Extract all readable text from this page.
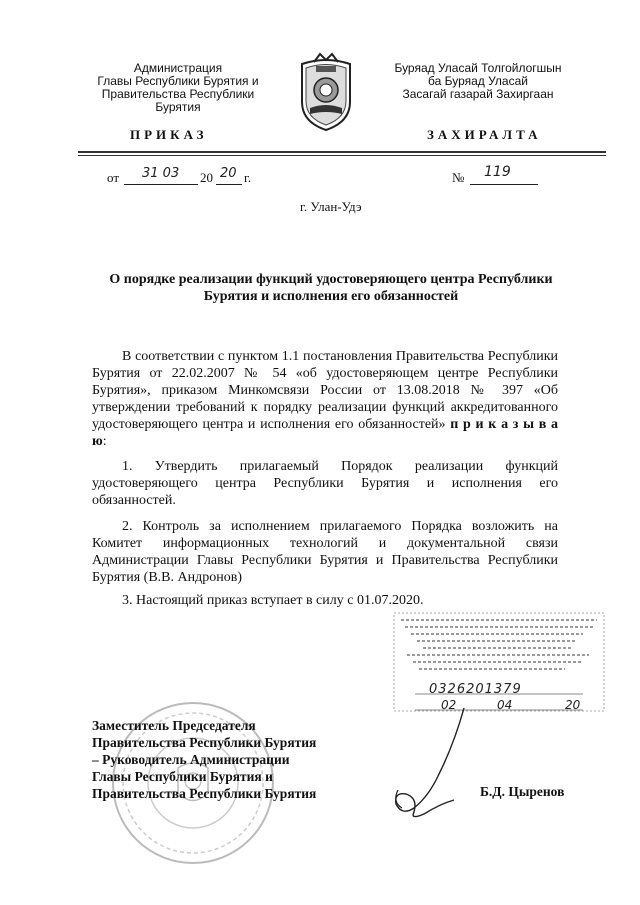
Администрация
Главы Республики Бурятия и
Правительства Республики Бурятия
Буряад Уласай Толгойлогшын
ба Буряад Уласай
Засагай газарай Захиргаан
ПРИКАЗ	ЗАХИРАЛТА
от 31 03 20 20 г.	№ 119
г. Улан-Удэ
О порядке реализации функций удостоверяющего центра Республики
Бурятия и исполнения его обязанностей
В соответствии с пунктом 1.1 постановления Правительства Республики Бурятия от 22.02.2007 № 54 «об удостоверяющем центре Республики Бурятия», приказом Минкомсвязи России от 13.08.2018 № 397 «Об утверждении требований к порядку реализации функций аккредитованного удостоверяющего центра и исполнения его обязанностей» п р и к а з ы в а ю:
1. Утвердить прилагаемый Порядок реализации функций удостоверяющего центра Республики Бурятия и исполнения его обязанностей.
2. Контроль за исполнением прилагаемого Порядка возложить на Комитет информационных технологий и документальной связи Администрации Главы Республики Бурятия и Правительства Республики Бурятия (В.В. Андронов)
3. Настоящий приказ вступает в силу с 01.07.2020.
0326201379
02	04	20
Заместитель Председателя
Правительства Республики Бурятия
– Руководитель Администрации
Главы Республики Бурятия и
Правительства Республики Бурятия	Б.Д. Цыренов
